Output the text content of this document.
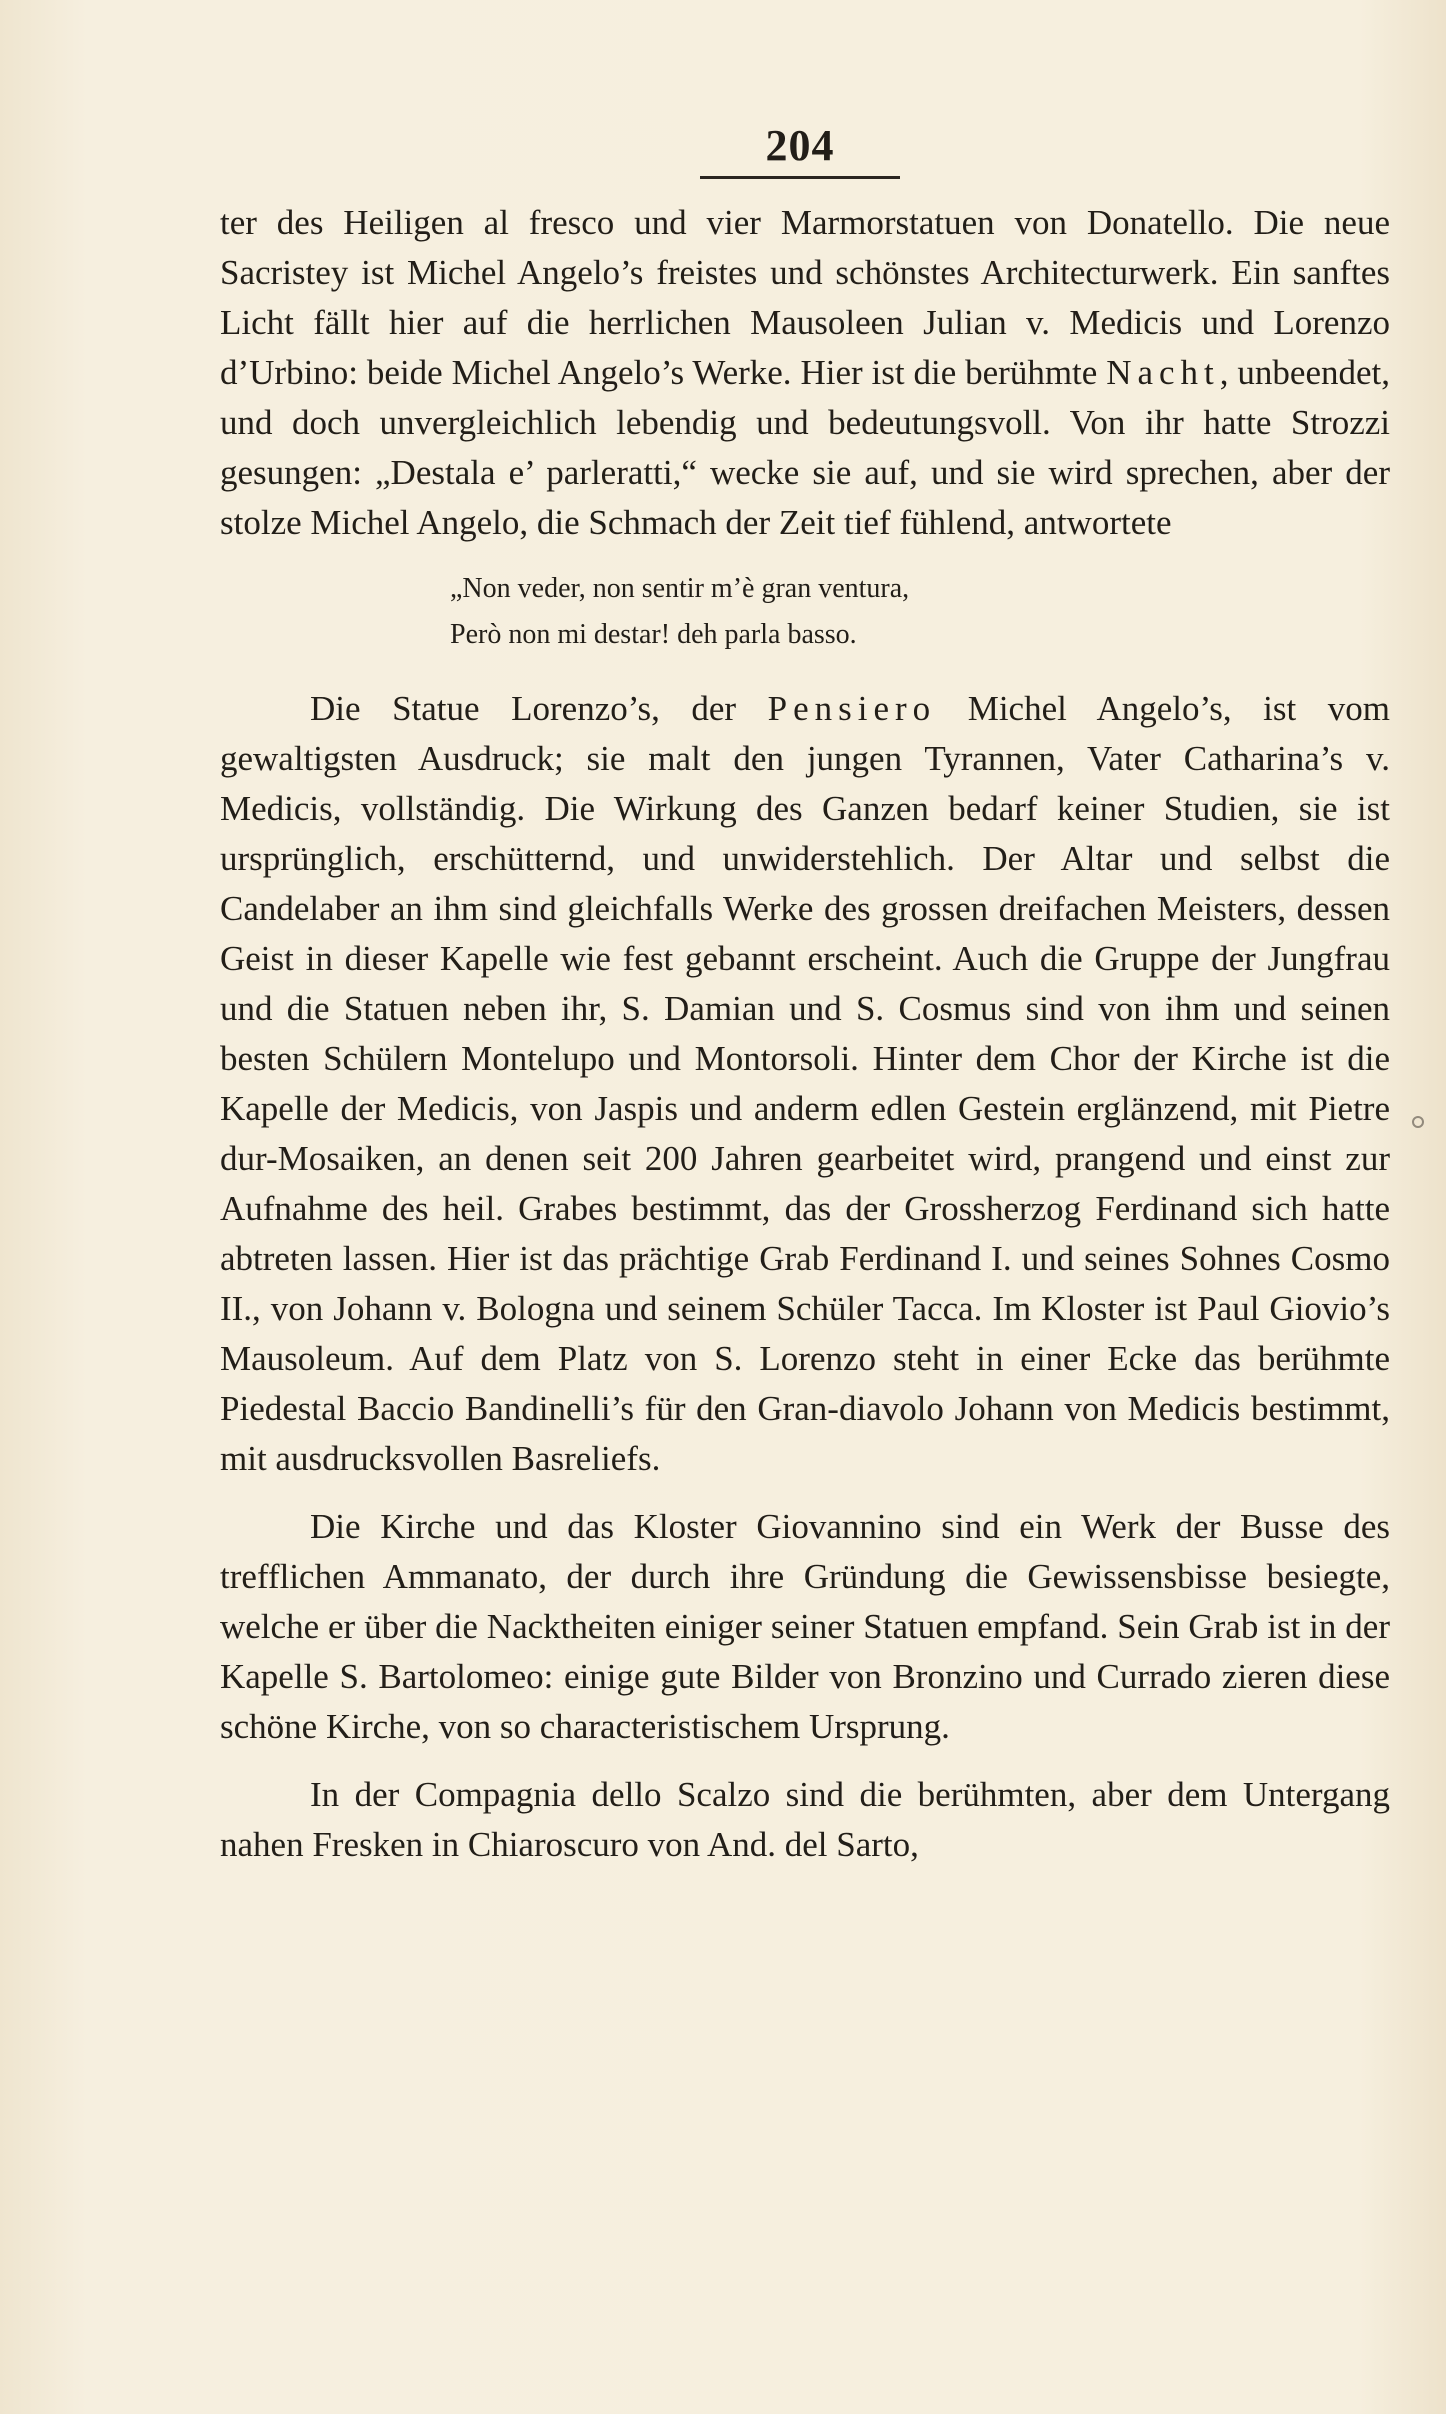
204

ter des Heiligen al fresco und vier Marmorstatuen von Donatello. Die neue Sacristey ist Michel Angelo’s freistes und schönstes Architecturwerk. Ein sanftes Licht fällt hier auf die herrlichen Mausoleen Julian v. Medicis und Lorenzo d’Urbino: beide Michel Angelo’s Werke. Hier ist die berühmte Nacht, unbeendet, und doch unvergleichlich lebendig und bedeutungsvoll. Von ihr hatte Strozzi gesungen: „Destala e’ parleratti,“ wecke sie auf, und sie wird sprechen, aber der stolze Michel Angelo, die Schmach der Zeit tief fühlend, antwortete

„Non veder, non sentir m’è gran ventura,
Però non mi destar! deh parla basso.

Die Statue Lorenzo’s, der Pensiero Michel Angelo’s, ist vom gewaltigsten Ausdruck; sie malt den jungen Tyrannen, Vater Catharina’s v. Medicis, vollständig. Die Wirkung des Ganzen bedarf keiner Studien, sie ist ursprünglich, erschütternd, und unwiderstehlich. Der Altar und selbst die Candelaber an ihm sind gleichfalls Werke des grossen dreifachen Meisters, dessen Geist in dieser Kapelle wie fest gebannt erscheint. Auch die Gruppe der Jungfrau und die Statuen neben ihr, S. Damian und S. Cosmus sind von ihm und seinen besten Schülern Montelupo und Montorsoli. Hinter dem Chor der Kirche ist die Kapelle der Medicis, von Jaspis und anderm edlen Gestein erglänzend, mit Pietre dur-Mosaiken, an denen seit 200 Jahren gearbeitet wird, prangend und einst zur Aufnahme des heil. Grabes bestimmt, das der Grossherzog Ferdinand sich hatte abtreten lassen. Hier ist das prächtige Grab Ferdinand I. und seines Sohnes Cosmo II., von Johann v. Bologna und seinem Schüler Tacca. Im Kloster ist Paul Giovio’s Mausoleum. Auf dem Platz von S. Lorenzo steht in einer Ecke das berühmte Piedestal Baccio Bandinelli’s für den Gran-diavolo Johann von Medicis bestimmt, mit ausdrucksvollen Basreliefs.

Die Kirche und das Kloster Giovannino sind ein Werk der Busse des trefflichen Ammanato, der durch ihre Gründung die Gewissensbisse besiegte, welche er über die Nacktheiten einiger seiner Statuen empfand. Sein Grab ist in der Kapelle S. Bartolomeo: einige gute Bilder von Bronzino und Currado zieren diese schöne Kirche, von so characteristischem Ursprung.

In der Compagnia dello Scalzo sind die berühmten, aber dem Untergang nahen Fresken in Chiaroscuro von And. del Sarto,
